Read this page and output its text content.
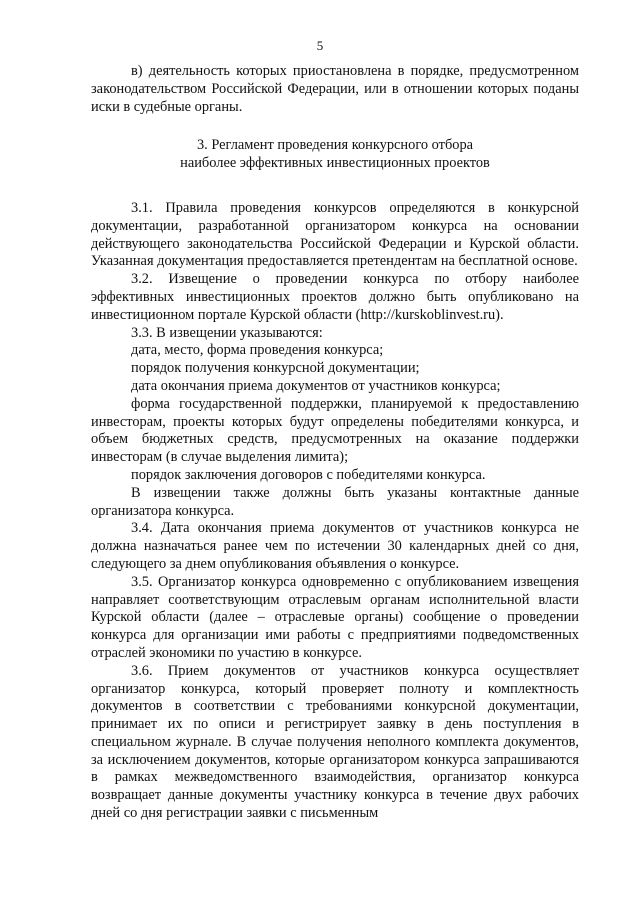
5

в) деятельность которых приостановлена в порядке, предусмотренном законодательством Российской Федерации, или в отношении которых поданы иски в судебные органы.

3. Регламент проведения конкурсного отбора
наиболее эффективных инвестиционных проектов

3.1. Правила проведения конкурсов определяются в конкурсной документации, разработанной организатором конкурса на основании действующего законодательства Российской Федерации и Курской области. Указанная документация предоставляется претендентам на бесплатной основе.

3.2. Извещение о проведении конкурса по отбору наиболее эффективных инвестиционных проектов должно быть опубликовано на инвестиционном портале Курской области (http://kurskoblinvest.ru).

3.3. В извещении указываются:

дата, место, форма проведения конкурса;

порядок получения конкурсной документации;

дата окончания приема документов от участников конкурса;

форма государственной поддержки, планируемой к предоставлению инвесторам, проекты которых будут определены победителями конкурса, и объем бюджетных средств, предусмотренных на оказание поддержки инвесторам (в случае выделения лимита);

порядок заключения договоров с победителями конкурса.

В извещении также должны быть указаны контактные данные организатора конкурса.

3.4. Дата окончания приема документов от участников конкурса не должна назначаться ранее чем по истечении 30 календарных дней со дня, следующего за днем опубликования объявления о конкурсе.

3.5. Организатор конкурса одновременно с опубликованием извещения направляет соответствующим отраслевым органам исполнительной власти Курской области (далее – отраслевые органы) сообщение о проведении конкурса для организации ими работы с предприятиями подведомственных отраслей экономики по участию в конкурсе.

3.6. Прием документов от участников конкурса осуществляет организатор конкурса, который проверяет полноту и комплектность документов в соответствии с требованиями конкурсной документации, принимает их по описи и регистрирует заявку в день поступления в специальном журнале. В случае получения неполного комплекта документов, за исключением документов, которые организатором конкурса запрашиваются в рамках межведомственного взаимодействия, организатор конкурса возвращает данные документы участнику конкурса в течение двух рабочих дней со дня регистрации заявки с письменным
